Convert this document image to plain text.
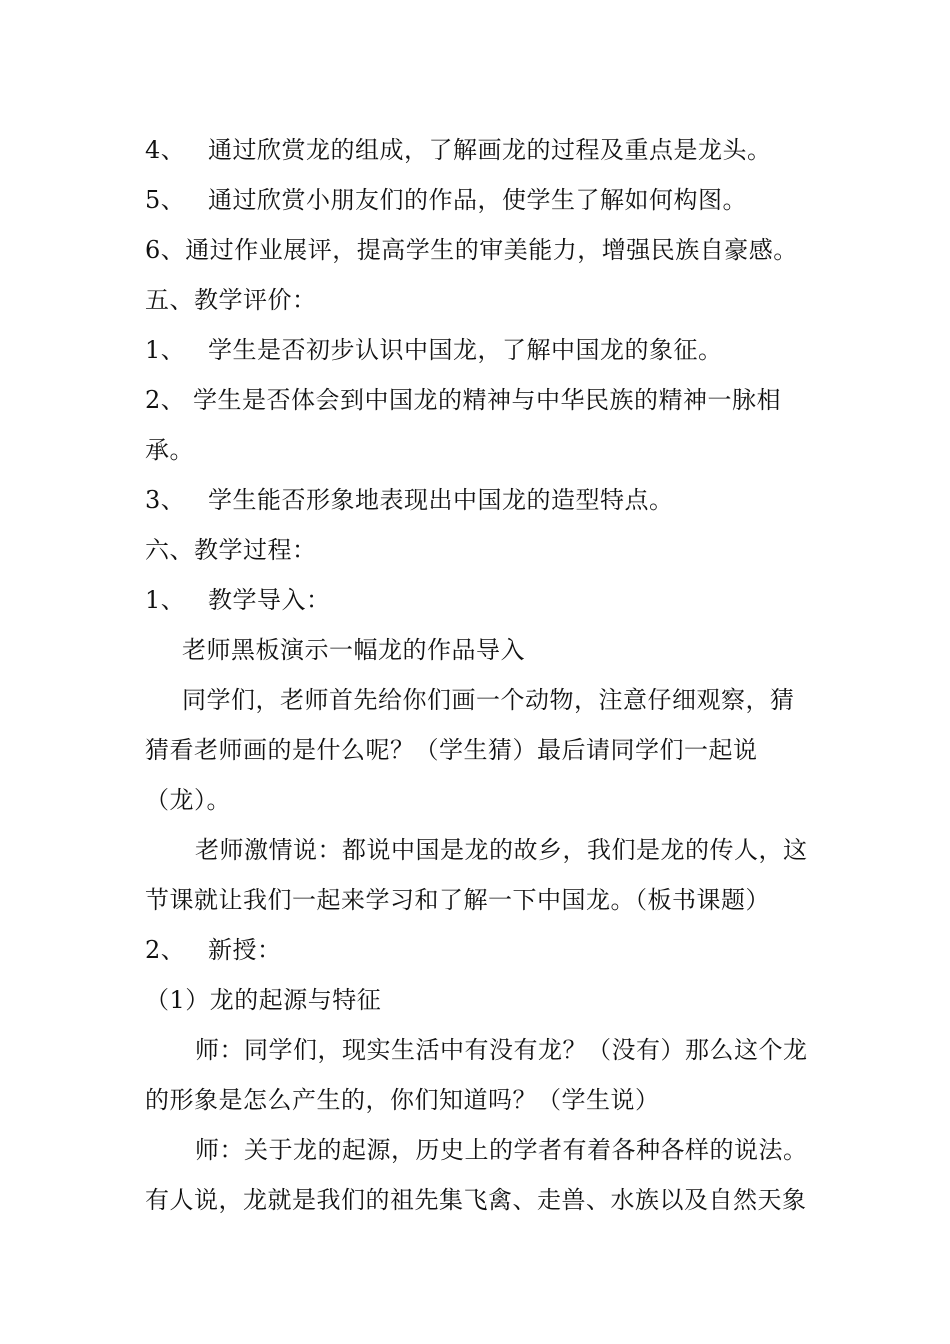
4、 通过欣赏龙的组成，了解画龙的过程及重点是龙头。
5、 通过欣赏小朋友们的作品，使学生了解如何构图。
6、通过作业展评，提高学生的审美能力，增强民族自豪感。
五、教学评价：
1、 学生是否初步认识中国龙，了解中国龙的象征。
2、 学生是否体会到中国龙的精神与中华民族的精神一脉相
承。
3、 学生能否形象地表现出中国龙的造型特点。
六、教学过程：
1、 教学导入：
老师黑板演示一幅龙的作品导入
同学们，老师首先给你们画一个动物，注意仔细观察，猜
猜看老师画的是什么呢？（学生猜）最后请同学们一起说
（龙）。
老师激情说：都说中国是龙的故乡，我们是龙的传人，这
节课就让我们一起来学习和了解一下中国龙。（板书课题）
2、 新授：
（1）龙的起源与特征
师：同学们，现实生活中有没有龙？（没有）那么这个龙
的形象是怎么产生的，你们知道吗？（学生说）
师：关于龙的起源，历史上的学者有着各种各样的说法。
有人说，龙就是我们的祖先集飞禽、走兽、水族以及自然天象
